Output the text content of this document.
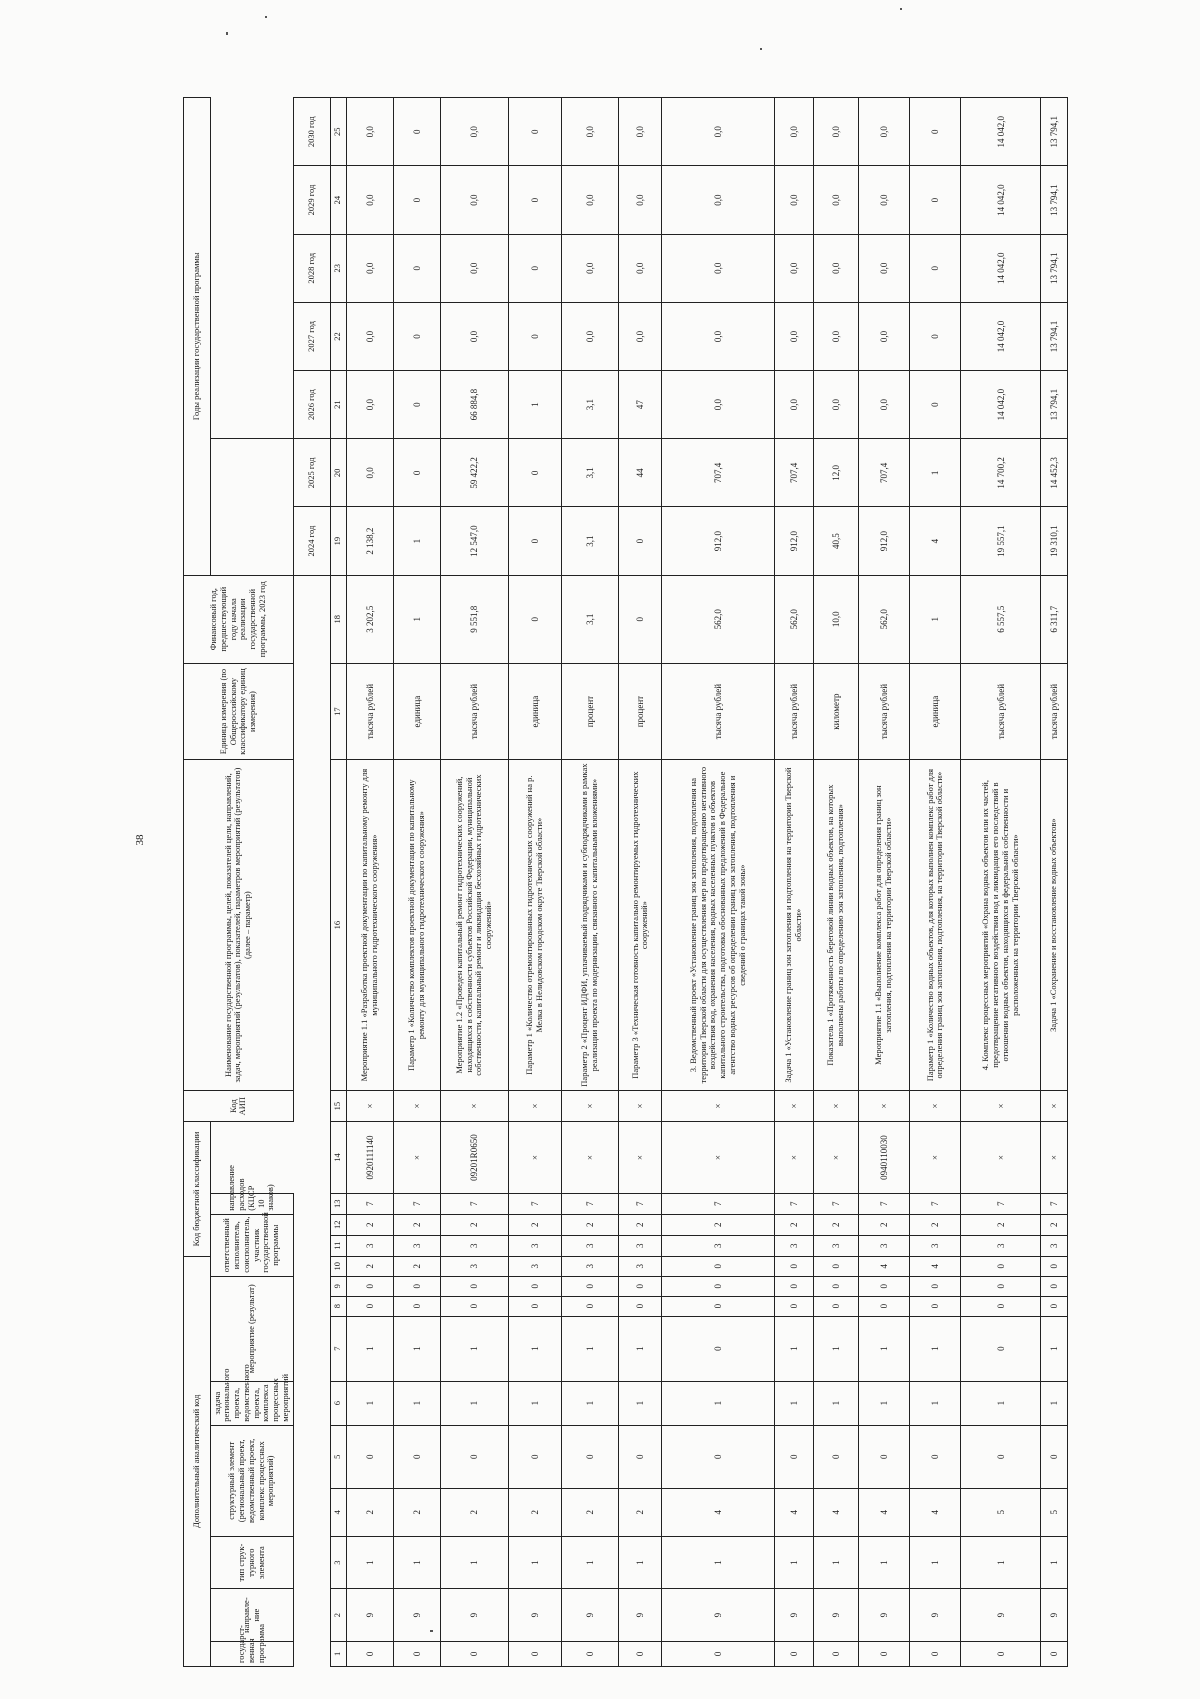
38
Дополнительный аналитический код										Код бюджетной классификации				Код АИП	Наименование государственной программы, целей, показателей цели, направлений, задач, мероприятий (результатов), показателей, параметров мероприятий (результатов) (далее – параметр)	Единица измерения (по Общероссийскому классификатору единиц измерения)	Финансовый год, предшествующий году начала реализации государственной программы, 2023 год	Годы реализации государственной программы						
государст-венная программа	направле-ние	тип струк-турного элемента	структурный элемент (региональный проект, ведомственный проект, комплекс процессных мероприятий)		задача регионального проекта, ведомственного проекта, комплекса процессных мероприятий	мероприятие (результат)			ответственный исполнитель, соисполнитель, участник государственной программы			направление расходов (КЦСР 10 знаков)												

																		2024 год	2025 год	2026 год	2027 год	2028 год	2029 год	2030 год
1	2	3	4	5	6	7	8	9	10	11	12	13	14	15	16	17	18	19	20	21	22	23	24	25
0	9	1	2	0	1	1	0	0	2	3	2	7	0920111140	×	Мероприятие 1.1 «Разработка проектной документации по капитальному ремонту для муниципального гидротехнического сооружения»	тысяча рублей	3 202,5	2 138,2	0,0	0,0	0,0	0,0	0,0	0,0
0	9	1	2	0	1	1	0	0	2	3	2	7	×	×	Параметр 1 «Количество комплектов проектной документации по капитальному ремонту для муниципального гидротехнического сооружения»	единица	1	1	0	0	0	0	0	0
0	9	1	2	0	1	1	0	0	3	3	2	7	09201R0650	×	Мероприятие 1.2 «Проведен капитальный ремонт гидротехнических сооружений, находящихся в собственности субъектов Российской Федерации, муниципальной собственности, капитальный ремонт и ликвидация бесхозяйных гидротехнических сооружений»	тысяча рублей	9 551,8	12 547,0	59 422,2	66 884,8	0,0	0,0	0,0	0,0
0	9	1	2	0	1	1	0	0	3	3	2	7	×	×	Параметр 1 «Количество отремонтированных гидротехнических сооружений на р. Мелка в Нелидовском городском округе Тверской области»	единица	0	0	0	1	0	0	0	0
0	9	1	2	0	1	1	0	0	3	3	2	7	×	×	Параметр 2 «Процент ИДФИ, уплачиваемый подрядчиками и субподрядчиками в рамках реализации проекта по модернизации, связанного с капитальными вложениями»	процент	3,1	3,1	3,1	3,1	0,0	0,0	0,0	0,0
0	9	1	2	0	1	1	0	0	3	3	2	7	×	×	Параметр 3 «Техническая готовность капитально ремонтируемых гидротехнических сооружений»	процент	0	0	44	47	0,0	0,0	0,0	0,0
0	9	1	4	0	1	0	0	0	0	3	2	7	×	×	3. Ведомственный проект «Установление границ зон затопления, подтопления на территории Тверской области для осуществления мер по предотвращению негативного воздействия вод, охранения населения, водных населенных пунктов и объектов капитального строительства, подготовка обоснованных предложений в Федеральное агентство водных ресурсов об определении границ зон затопления, подтопления и сведений о границах такой зоны»	тысяча рублей	562,0	912,0	707,4	0,0	0,0	0,0	0,0	0,0
0	9	1	4	0	1	1	0	0	0	3	2	7	×	×	Задача 1 «Установление границ зон затопления и подтопления на территории Тверской области»	тысяча рублей	562,0	912,0	707,4	0,0	0,0	0,0	0,0	0,0
0	9	1	4	0	1	1	0	0	0	3	2	7	×	×	Показатель 1 «Протяженность береговой линии водных объектов, на которых выполнены работы по определению зон затопления, подтопления»	километр	10,0	40,5	12,0	0,0	0,0	0,0	0,0	0,0
0	9	1	4	0	1	1	0	0	4	3	2	7	0940110030	×	Мероприятие 1.1 «Выполнение комплекса работ для определения границ зон затопления, подтопления на территории Тверской области»	тысяча рублей	562,0	912,0	707,4	0,0	0,0	0,0	0,0	0,0
0	9	1	4	0	1	1	0	0	4	3	2	7	×	×	Параметр 1 «Количество водных объектов, для которых выполнен комплекс работ для определения границ зон затопления, подтопления, на территории Тверской области»	единица	1	4	1	0	0	0	0	0
0	9	1	5	0	1	0	0	0	0	3	2	7	×	×	4. Комплекс процессных мероприятий «Охрана водных объектов или их частей, предотвращение негативного воздействия вод и ликвидация его последствий в отношении водных объектов, находящихся в федеральной собственности и расположенных на территории Тверской области»	тысяча рублей	6 557,5	19 557,1	14 700,2	14 042,0	14 042,0	14 042,0	14 042,0	14 042,0
0	9	1	5	0	1	1	0	0	0	3	2	7	×	×	Задача 1 «Сохранение и восстановление водных объектов»	тысяча рублей	6 311,7	19 310,1	14 452,3	13 794,1	13 794,1	13 794,1	13 794,1	13 794,1
